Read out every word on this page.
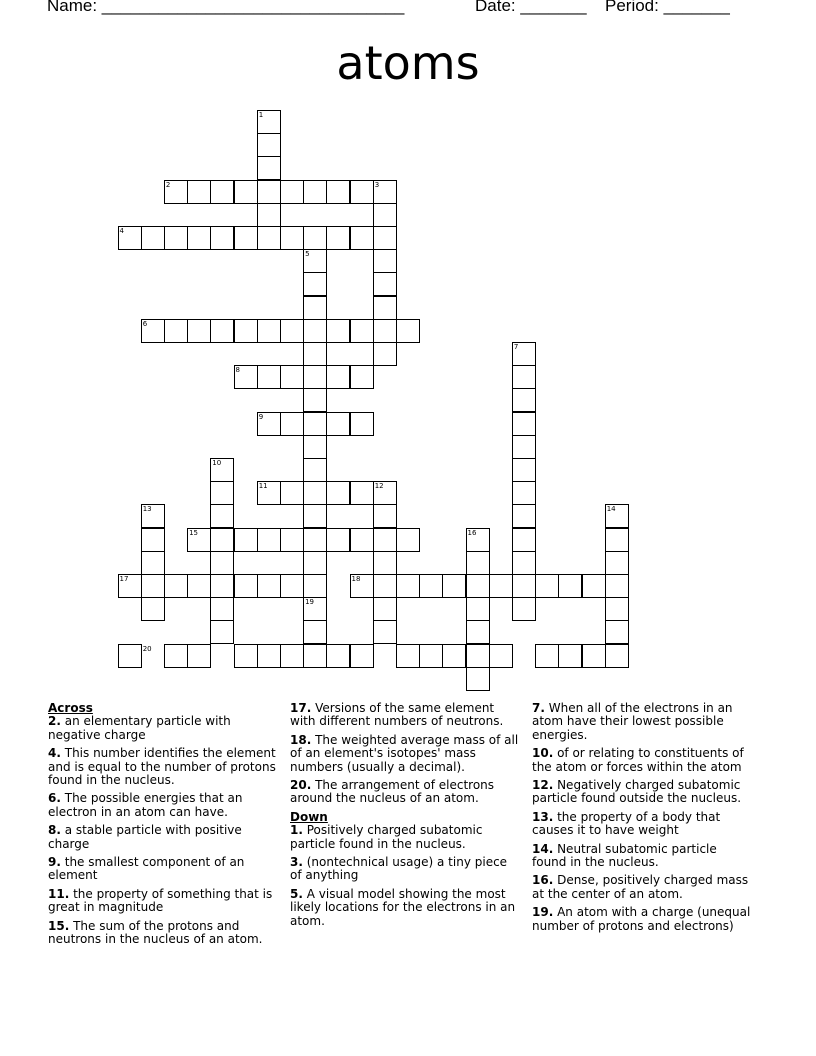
Name: ________________________________	Date: _______ Period: _______
atoms
1
2	3
4
5
6
7
8
9
10
11	12
13	14
15	16
17	18
19
20
Across
2. an elementary particle with negative charge
4. This number identifies the element and is equal to the number of protons found in the nucleus.
6. The possible energies that an electron in an atom can have.
8. a stable particle with positive charge
9. the smallest component of an element
11. the property of something that is great in magnitude
15. The sum of the protons and neutrons in the nucleus of an atom.
17. Versions of the same element with different numbers of neutrons.
18. The weighted average mass of all of an element's isotopes' mass numbers (usually a decimal).
20. The arrangement of electrons around the nucleus of an atom.
Down
1. Positively charged subatomic particle found in the nucleus.
3. (nontechnical usage) a tiny piece of anything
5. A visual model showing the most likely locations for the electrons in an atom.
7. When all of the electrons in an atom have their lowest possible energies.
10. of or relating to constituents of the atom or forces within the atom
12. Negatively charged subatomic particle found outside the nucleus.
13. the property of a body that causes it to have weight
14. Neutral subatomic particle found in the nucleus.
16. Dense, positively charged mass at the center of an atom.
19. An atom with a charge (unequal number of protons and electrons)
